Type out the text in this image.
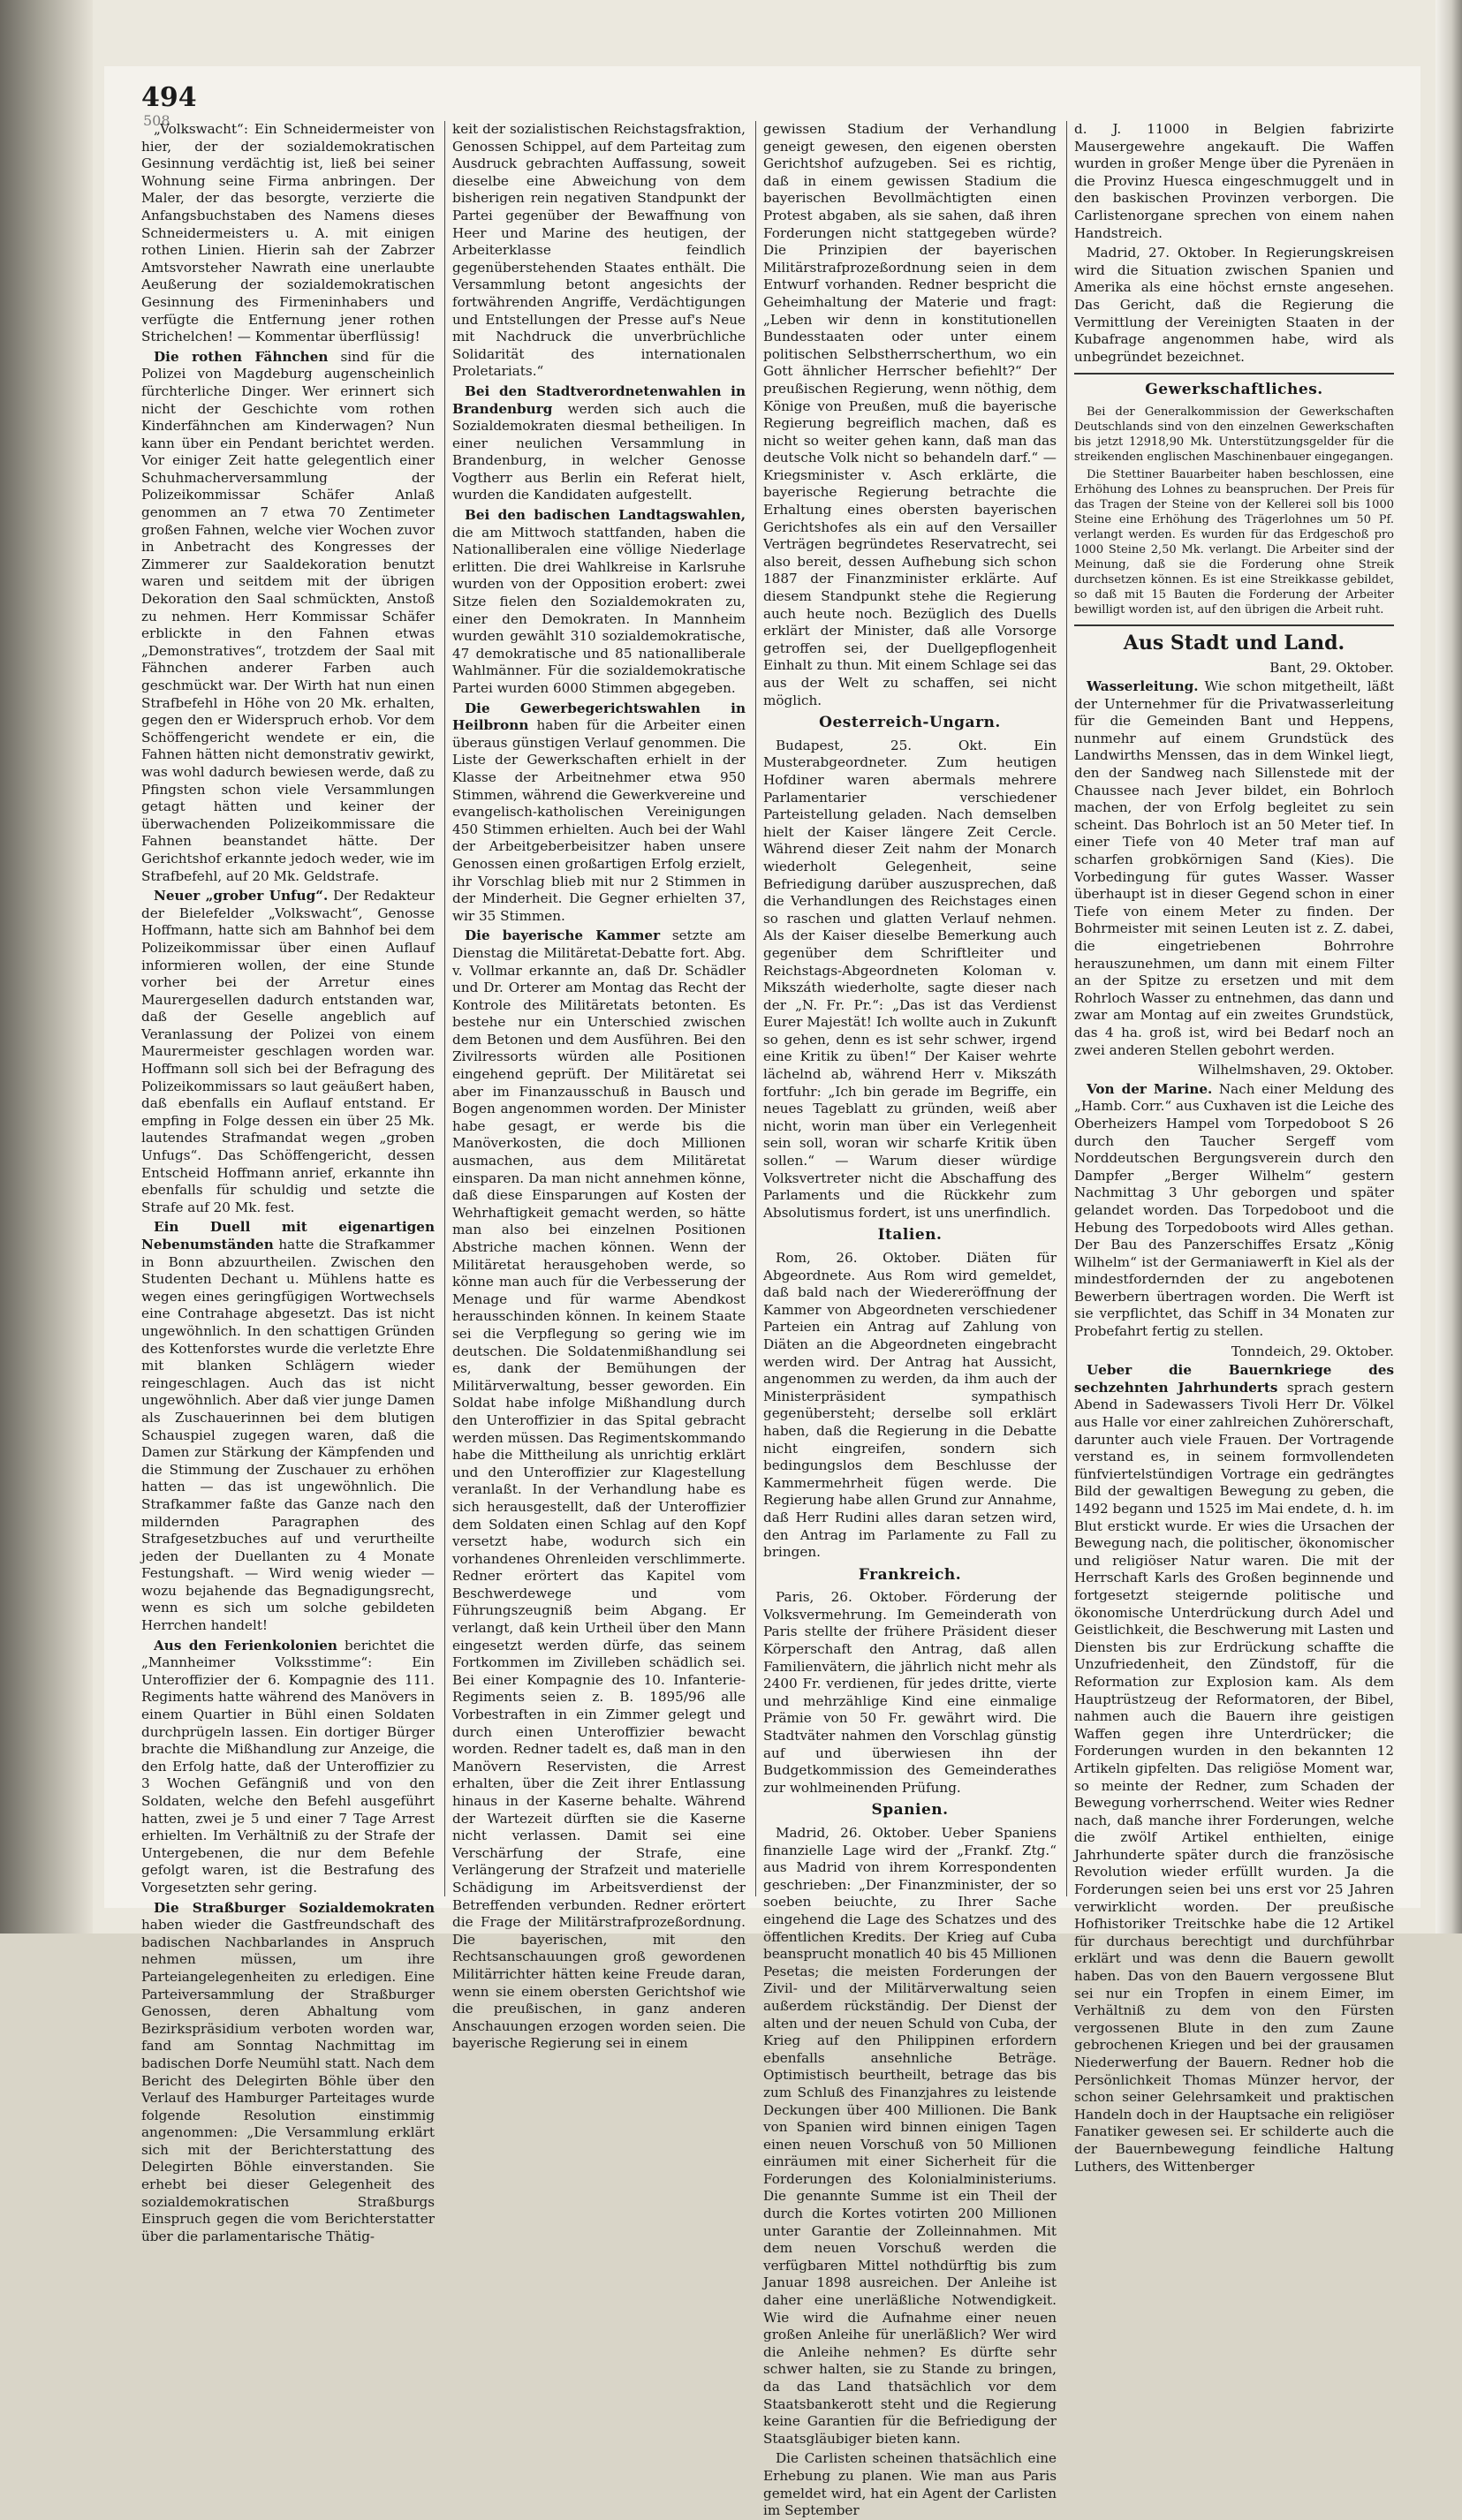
494
508

„Volkswacht“: Ein Schneidermeister von hier, der der sozialdemokratischen Gesinnung verdächtig ist, ließ bei seiner Wohnung seine Firma anbringen. Der Maler, der das besorgte, verzierte die Anfangsbuchstaben des Namens dieses Schneidermeisters u. A. mit einigen rothen Linien. Hierin sah der Zabrzer Amtsvorsteher Nawrath eine unerlaubte Aeußerung der sozialdemokratischen Gesinnung des Firmeninhabers und verfügte die Entfernung jener rothen Strichelchen! — Kommentar überflüssig!

Die rothen Fähnchen sind für die Polizei von Magdeburg augenscheinlich fürchterliche Dinger. Wer erinnert sich nicht der Geschichte vom rothen Kinderfähnchen am Kinderwagen? Nun kann über ein Pendant berichtet werden. Vor einiger Zeit hatte gelegentlich einer Schuhmacherversammlung der Polizeikommissar Schäfer Anlaß genommen an 7 etwa 70 Zentimeter großen Fahnen, welche vier Wochen zuvor in Anbetracht des Kongresses der Zimmerer zur Saaldekoration benutzt waren und seitdem mit der übrigen Dekoration den Saal schmückten, Anstoß zu nehmen. Herr Kommissar Schäfer erblickte in den Fahnen etwas „Demonstratives“, trotzdem der Saal mit Fähnchen anderer Farben auch geschmückt war. Der Wirth hat nun einen Strafbefehl in Höhe von 20 Mk. erhalten, gegen den er Widerspruch erhob. Vor dem Schöffengericht wendete er ein, die Fahnen hätten nicht demonstrativ gewirkt, was wohl dadurch bewiesen werde, daß zu Pfingsten schon viele Versammlungen getagt hätten und keiner der überwachenden Polizeikommissare die Fahnen beanstandet hätte. Der Gerichtshof erkannte jedoch weder, wie im Strafbefehl, auf 20 Mk. Geldstrafe.

Neuer „grober Unfug“. Der Redakteur der Bielefelder „Volkswacht“, Genosse Hoffmann, hatte sich am Bahnhof bei dem Polizeikommissar über einen Auflauf informieren wollen, der eine Stunde vorher bei der Arretur eines Maurergesellen dadurch entstanden war, daß der Geselle angeblich auf Veranlassung der Polizei von einem Maurermeister geschlagen worden war. Hoffmann soll sich bei der Befragung des Polizeikommissars so laut geäußert haben, daß ebenfalls ein Auflauf entstand. Er empfing in Folge dessen ein über 25 Mk. lautendes Strafmandat wegen „groben Unfugs“. Das Schöffengericht, dessen Entscheid Hoffmann anrief, erkannte ihn ebenfalls für schuldig und setzte die Strafe auf 20 Mk. fest.

Ein Duell mit eigenartigen Nebenumständen hatte die Strafkammer in Bonn abzuurtheilen. Zwischen den Studenten Dechant u. Mühlens hatte es wegen eines geringfügigen Wortwechsels eine Contrahage abgesetzt. Das ist nicht ungewöhnlich. In den schattigen Gründen des Kottenforstes wurde die verletzte Ehre mit blanken Schlägern wieder reingeschlagen. Auch das ist nicht ungewöhnlich. Aber daß vier junge Damen als Zuschauerinnen bei dem blutigen Schauspiel zugegen waren, daß die Damen zur Stärkung der Kämpfenden und die Stimmung der Zuschauer zu erhöhen hatten — das ist ungewöhnlich. Die Strafkammer faßte das Ganze nach den mildernden Paragraphen des Strafgesetzbuches auf und verurtheilte jeden der Duellanten zu 4 Monate Festungshaft. — Wird wenig wieder — wozu bejahende das Begnadigungsrecht, wenn es sich um solche gebildeten Herrchen handelt!

Aus den Ferienkolonien berichtet die „Mannheimer Volksstimme“: Ein Unteroffizier der 6. Kompagnie des 111. Regiments hatte während des Manövers in einem Quartier in Bühl einen Soldaten durchprügeln lassen. Ein dortiger Bürger brachte die Mißhandlung zur Anzeige, die den Erfolg hatte, daß der Unteroffizier zu 3 Wochen Gefängniß und von den Soldaten, welche den Befehl ausgeführt hatten, zwei je 5 und einer 7 Tage Arrest erhielten. Im Verhältniß zu der Strafe der Untergebenen, die nur dem Befehle gefolgt waren, ist die Bestrafung des Vorgesetzten sehr gering.

Die Straßburger Sozialdemokraten haben wieder die Gastfreundschaft des badischen Nachbarlandes in Anspruch nehmen müssen, um ihre Parteiangelegenheiten zu erledigen. Eine Parteiversammlung der Straßburger Genossen, deren Abhaltung vom Bezirkspräsidium verboten worden war, fand am Sonntag Nachmittag im badischen Dorfe Neumühl statt. Nach dem Bericht des Delegirten Böhle über den Verlauf des Hamburger Parteitages wurde folgende Resolution einstimmig angenommen: „Die Versammlung erklärt sich mit der Berichterstattung des Delegirten Böhle einverstanden. Sie erhebt bei dieser Gelegenheit des sozialdemokratischen Straßburgs Einspruch gegen die vom Berichterstatter über die parlamentarische Thätig-

keit der sozialistischen Reichstagsfraktion, Genossen Schippel, auf dem Parteitag zum Ausdruck gebrachten Auffassung, soweit dieselbe eine Abweichung von dem bisherigen rein negativen Standpunkt der Partei gegenüber der Bewaffnung von Heer und Marine des heutigen, der Arbeiterklasse feindlich gegenüberstehenden Staates enthält. Die Versammlung betont angesichts der fortwährenden Angriffe, Verdächtigungen und Entstellungen der Presse auf's Neue mit Nachdruck die unverbrüchliche Solidarität des internationalen Proletariats.“

Bei den Stadtverordnetenwahlen in Brandenburg werden sich auch die Sozialdemokraten diesmal betheiligen. In einer neulichen Versammlung in Brandenburg, in welcher Genosse Vogtherr aus Berlin ein Referat hielt, wurden die Kandidaten aufgestellt.

Bei den badischen Landtagswahlen, die am Mittwoch stattfanden, haben die Nationalliberalen eine völlige Niederlage erlitten. Die drei Wahlkreise in Karlsruhe wurden von der Opposition erobert: zwei Sitze fielen den Sozialdemokraten zu, einer den Demokraten. In Mannheim wurden gewählt 310 sozialdemokratische, 47 demokratische und 85 nationalliberale Wahlmänner. Für die sozialdemokratische Partei wurden 6000 Stimmen abgegeben.

Die Gewerbegerichtswahlen in Heilbronn haben für die Arbeiter einen überaus günstigen Verlauf genommen. Die Liste der Gewerkschaften erhielt in der Klasse der Arbeitnehmer etwa 950 Stimmen, während die Gewerkvereine und evangelisch-katholischen Vereinigungen 450 Stimmen erhielten. Auch bei der Wahl der Arbeitgeberbeisitzer haben unsere Genossen einen großartigen Erfolg erzielt, ihr Vorschlag blieb mit nur 2 Stimmen in der Minderheit. Die Gegner erhielten 37, wir 35 Stimmen.

Die bayerische Kammer setzte am Dienstag die Militäretat-Debatte fort. Abg. v. Vollmar erkannte an, daß Dr. Schädler und Dr. Orterer am Montag das Recht der Kontrole des Militäretats betonten. Es bestehe nur ein Unterschied zwischen dem Betonen und dem Ausführen. Bei den Zivilressorts würden alle Positionen eingehend geprüft. Der Militäretat sei aber im Finanzausschuß in Bausch und Bogen angenommen worden. Der Minister habe gesagt, er werde bis die Manöverkosten, die doch Millionen ausmachen, aus dem Militäretat einsparen. Da man nicht annehmen könne, daß diese Einsparungen auf Kosten der Wehrhaftigkeit gemacht werden, so hätte man also bei einzelnen Positionen Abstriche machen können. Wenn der Militäretat herausgehoben werde, so könne man auch für die Verbesserung der Menage und für warme Abendkost herausschinden können. In keinem Staate sei die Verpflegung so gering wie im deutschen. Die Soldatenmißhandlung sei es, dank der Bemühungen der Militärverwaltung, besser geworden. Ein Soldat habe infolge Mißhandlung durch den Unteroffizier in das Spital gebracht werden müssen. Das Regimentskommando habe die Mittheilung als unrichtig erklärt und den Unteroffizier zur Klagestellung veranlaßt. In der Verhandlung habe es sich herausgestellt, daß der Unteroffizier dem Soldaten einen Schlag auf den Kopf versetzt habe, wodurch sich ein vorhandenes Ohrenleiden verschlimmerte. Redner erörtert das Kapitel vom Beschwerdewege und vom Führungszeugniß beim Abgang. Er verlangt, daß kein Urtheil über den Mann eingesetzt werden dürfe, das seinem Fortkommen im Zivilleben schädlich sei. Bei einer Kompagnie des 10. Infanterie-Regiments seien z. B. 1895/96 alle Vorbestraften in ein Zimmer gelegt und durch einen Unteroffizier bewacht worden. Redner tadelt es, daß man in den Manövern Reservisten, die Arrest erhalten, über die Zeit ihrer Entlassung hinaus in der Kaserne behalte. Während der Wartezeit dürften sie die Kaserne nicht verlassen. Damit sei eine Verschärfung der Strafe, eine Verlängerung der Strafzeit und materielle Schädigung im Arbeitsverdienst der Betreffenden verbunden. Redner erörtert die Frage der Militärstrafprozeßordnung. Die bayerischen, mit den Rechtsanschauungen groß gewordenen Militärrichter hätten keine Freude daran, wenn sie einem obersten Gerichtshof wie die preußischen, in ganz anderen Anschauungen erzogen worden seien. Die bayerische Regierung sei in einem

gewissen Stadium der Verhandlung geneigt gewesen, den eigenen obersten Gerichtshof aufzugeben. Sei es richtig, daß in einem gewissen Stadium die bayerischen Bevollmächtigten einen Protest abgaben, als sie sahen, daß ihren Forderungen nicht stattgegeben würde? Die Prinzipien der bayerischen Militärstrafprozeßordnung seien in dem Entwurf vorhanden. Redner bespricht die Geheimhaltung der Materie und fragt: „Leben wir denn in konstitutionellen Bundesstaaten oder unter einem politischen Selbstherrscherthum, wo ein Gott ähnlicher Herrscher befiehlt?“ Der preußischen Regierung, wenn nöthig, dem Könige von Preußen, muß die bayerische Regierung begreiflich machen, daß es nicht so weiter gehen kann, daß man das deutsche Volk nicht so behandeln darf.“ — Kriegsminister v. Asch erklärte, die bayerische Regierung betrachte die Erhaltung eines obersten bayerischen Gerichtshofes als ein auf den Versailler Verträgen begründetes Reservatrecht, sei also bereit, dessen Aufhebung sich schon 1887 der Finanzminister erklärte. Auf diesem Standpunkt stehe die Regierung auch heute noch. Bezüglich des Duells erklärt der Minister, daß alle Vorsorge getroffen sei, der Duellgepflogenheit Einhalt zu thun. Mit einem Schlage sei das aus der Welt zu schaffen, sei nicht möglich.

Oesterreich-Ungarn.

Budapest, 25. Okt. Ein Musterabgeordneter. Zum heutigen Hofdiner waren abermals mehrere Parlamentarier verschiedener Parteistellung geladen. Nach demselben hielt der Kaiser längere Zeit Cercle. Während dieser Zeit nahm der Monarch wiederholt Gelegenheit, seine Befriedigung darüber auszusprechen, daß die Verhandlungen des Reichstages einen so raschen und glatten Verlauf nehmen. Als der Kaiser dieselbe Bemerkung auch gegenüber dem Schriftleiter und Reichstags-Abgeordneten Koloman v. Mikszáth wiederholte, sagte dieser nach der „N. Fr. Pr.“: „Das ist das Verdienst Eurer Majestät! Ich wollte auch in Zukunft so gehen, denn es ist sehr schwer, irgend eine Kritik zu üben!“ Der Kaiser wehrte lächelnd ab, während Herr v. Mikszáth fortfuhr: „Ich bin gerade im Begriffe, ein neues Tageblatt zu gründen, weiß aber nicht, worin man über ein Verlegenheit sein soll, woran wir scharfe Kritik üben sollen.“ — Warum dieser würdige Volksvertreter nicht die Abschaffung des Parlaments und die Rückkehr zum Absolutismus fordert, ist uns unerfindlich.

Italien.

Rom, 26. Oktober. Diäten für Abgeordnete. Aus Rom wird gemeldet, daß bald nach der Wiedereröffnung der Kammer von Abgeordneten verschiedener Parteien ein Antrag auf Zahlung von Diäten an die Abgeordneten eingebracht werden wird. Der Antrag hat Aussicht, angenommen zu werden, da ihm auch der Ministerpräsident sympathisch gegenübersteht; derselbe soll erklärt haben, daß die Regierung in die Debatte nicht eingreifen, sondern sich bedingungslos dem Beschlusse der Kammermehrheit fügen werde. Die Regierung habe allen Grund zur Annahme, daß Herr Rudini alles daran setzen wird, den Antrag im Parlamente zu Fall zu bringen.

Frankreich.

Paris, 26. Oktober. Förderung der Volksvermehrung. Im Gemeinderath von Paris stellte der frühere Präsident dieser Körperschaft den Antrag, daß allen Familienvätern, die jährlich nicht mehr als 2400 Fr. verdienen, für jedes dritte, vierte und mehrzählige Kind eine einmalige Prämie von 50 Fr. gewährt wird. Die Stadtväter nahmen den Vorschlag günstig auf und überwiesen ihn der Budgetkommission des Gemeinderathes zur wohlmeinenden Prüfung.

Spanien.

Madrid, 26. Oktober. Ueber Spaniens finanzielle Lage wird der „Frankf. Ztg.“ aus Madrid von ihrem Korrespondenten geschrieben: „Der Finanzminister, der so soeben beiuchte, zu Ihrer Sache eingehend die Lage des Schatzes und des öffentlichen Kredits. Der Krieg auf Cuba beansprucht monatlich 40 bis 45 Millionen Pesetas; die meisten Forderungen der Zivil- und der Militärverwaltung seien außerdem rückständig. Der Dienst der alten und der neuen Schuld von Cuba, der Krieg auf den Philippinen erfordern ebenfalls ansehnliche Beträge. Optimistisch beurtheilt, betrage das bis zum Schluß des Finanzjahres zu leistende Deckungen über 400 Millionen. Die Bank von Spanien wird binnen einigen Tagen einen neuen Vorschuß von 50 Millionen einräumen mit einer Sicherheit für die Forderungen des Kolonialministeriums. Die genannte Summe ist ein Theil der durch die Kortes votirten 200 Millionen unter Garantie der Zolleinnahmen. Mit dem neuen Vorschuß werden die verfügbaren Mittel nothdürftig bis zum Januar 1898 ausreichen. Der Anleihe ist daher eine unerläßliche Notwendigkeit. Wie wird die Aufnahme einer neuen großen Anleihe für unerläßlich? Wer wird die Anleihe nehmen? Es dürfte sehr schwer halten, sie zu Stande zu bringen, da das Land thatsächlich vor dem Staatsbankerott steht und die Regierung keine Garantien für die Befriedigung der Staatsgläubiger bieten kann.

Die Carlisten scheinen thatsächlich eine Erhebung zu planen. Wie man aus Paris gemeldet wird, hat ein Agent der Carlisten im September

d. J. 11000 in Belgien fabrizirte Mausergewehre angekauft. Die Waffen wurden in großer Menge über die Pyrenäen in die Provinz Huesca eingeschmuggelt und in den baskischen Provinzen verborgen. Die Carlistenorgane sprechen von einem nahen Handstreich.

Madrid, 27. Oktober. In Regierungskreisen wird die Situation zwischen Spanien und Amerika als eine höchst ernste angesehen. Das Gericht, daß die Regierung die Vermittlung der Vereinigten Staaten in der Kubafrage angenommen habe, wird als unbegründet bezeichnet.

Gewerkschaftliches.

Bei der Generalkommission der Gewerkschaften Deutschlands sind von den einzelnen Gewerkschaften bis jetzt 12918,90 Mk. Unterstützungsgelder für die streikenden englischen Maschinenbauer eingegangen.

Die Stettiner Bauarbeiter haben beschlossen, eine Erhöhung des Lohnes zu beanspruchen. Der Preis für das Tragen der Steine von der Kellerei soll bis 1000 Steine eine Erhöhung des Trägerlohnes um 50 Pf. verlangt werden. Es wurden für das Erdgeschoß pro 1000 Steine 2,50 Mk. verlangt. Die Arbeiter sind der Meinung, daß sie die Forderung ohne Streik durchsetzen können. Es ist eine Streikkasse gebildet, so daß mit 15 Bauten die Forderung der Arbeiter bewilligt worden ist, auf den übrigen die Arbeit ruht.

Aus Stadt und Land.

Bant, 29. Oktober.

Wasserleitung. Wie schon mitgetheilt, läßt der Unternehmer für die Privatwasserleitung für die Gemeinden Bant und Heppens, nunmehr auf einem Grundstück des Landwirths Menssen, das in dem Winkel liegt, den der Sandweg nach Sillenstede mit der Chaussee nach Jever bildet, ein Bohrloch machen, der von Erfolg begleitet zu sein scheint. Das Bohrloch ist an 50 Meter tief. In einer Tiefe von 40 Meter traf man auf scharfen grobkörnigen Sand (Kies). Die Vorbedingung für gutes Wasser. Wasser überhaupt ist in dieser Gegend schon in einer Tiefe von einem Meter zu finden. Der Bohrmeister mit seinen Leuten ist z. Z. dabei, die eingetriebenen Bohrrohre herauszunehmen, um dann mit einem Filter an der Spitze zu ersetzen und mit dem Rohrloch Wasser zu entnehmen, das dann und zwar am Montag auf ein zweites Grundstück, das 4 ha. groß ist, wird bei Bedarf noch an zwei anderen Stellen gebohrt werden.

Wilhelmshaven, 29. Oktober.

Von der Marine. Nach einer Meldung des „Hamb. Corr.“ aus Cuxhaven ist die Leiche des Oberheizers Hampel vom Torpedoboot S 26 durch den Taucher Sergeff vom Norddeutschen Bergungsverein durch den Dampfer „Berger Wilhelm“ gestern Nachmittag 3 Uhr geborgen und später gelandet worden. Das Torpedoboot und die Hebung des Torpedoboots wird Alles gethan. Der Bau des Panzerschiffes Ersatz „König Wilhelm“ ist der Germaniawerft in Kiel als der mindestfordernden der zu angebotenen Bewerbern übertragen worden. Die Werft ist sie verpflichtet, das Schiff in 34 Monaten zur Probefahrt fertig zu stellen.

Tonndeich, 29. Oktober.

Ueber die Bauernkriege des sechzehnten Jahrhunderts sprach gestern Abend in Sadewassers Tivoli Herr Dr. Völkel aus Halle vor einer zahlreichen Zuhörerschaft, darunter auch viele Frauen. Der Vortragende verstand es, in seinem formvollendeten fünfviertelstündigen Vortrage ein gedrängtes Bild der gewaltigen Bewegung zu geben, die 1492 begann und 1525 im Mai endete, d. h. im Blut erstickt wurde. Er wies die Ursachen der Bewegung nach, die politischer, ökonomischer und religiöser Natur waren. Die mit der Herrschaft Karls des Großen beginnende und fortgesetzt steigernde politische und ökonomische Unterdrückung durch Adel und Geistlichkeit, die Beschwerung mit Lasten und Diensten bis zur Erdrückung schaffte die Unzufriedenheit, den Zündstoff, für die Reformation zur Explosion kam. Als dem Hauptrüstzeug der Reformatoren, der Bibel, nahmen auch die Bauern ihre geistigen Waffen gegen ihre Unterdrücker; die Forderungen wurden in den bekannten 12 Artikeln gipfelten. Das religiöse Moment war, so meinte der Redner, zum Schaden der Bewegung vorherrschend. Weiter wies Redner nach, daß manche ihrer Forderungen, welche die zwölf Artikel enthielten, einige Jahrhunderte später durch die französische Revolution wieder erfüllt wurden. Ja die Forderungen seien bei uns erst vor 25 Jahren verwirklicht worden. Der preußische Hofhistoriker Treitschke habe die 12 Artikel für durchaus berechtigt und durchführbar erklärt und was denn die Bauern gewollt haben. Das von den Bauern vergossene Blut sei nur ein Tropfen in einem Eimer, im Verhältniß zu dem von den Fürsten vergossenen Blute in den zum Zaune gebrochenen Kriegen und bei der grausamen Niederwerfung der Bauern. Redner hob die Persönlichkeit Thomas Münzer hervor, der schon seiner Gelehrsamkeit und praktischen Handeln doch in der Hauptsache ein religiöser Fanatiker gewesen sei. Er schilderte auch die der Bauernbewegung feindliche Haltung Luthers, des Wittenberger
